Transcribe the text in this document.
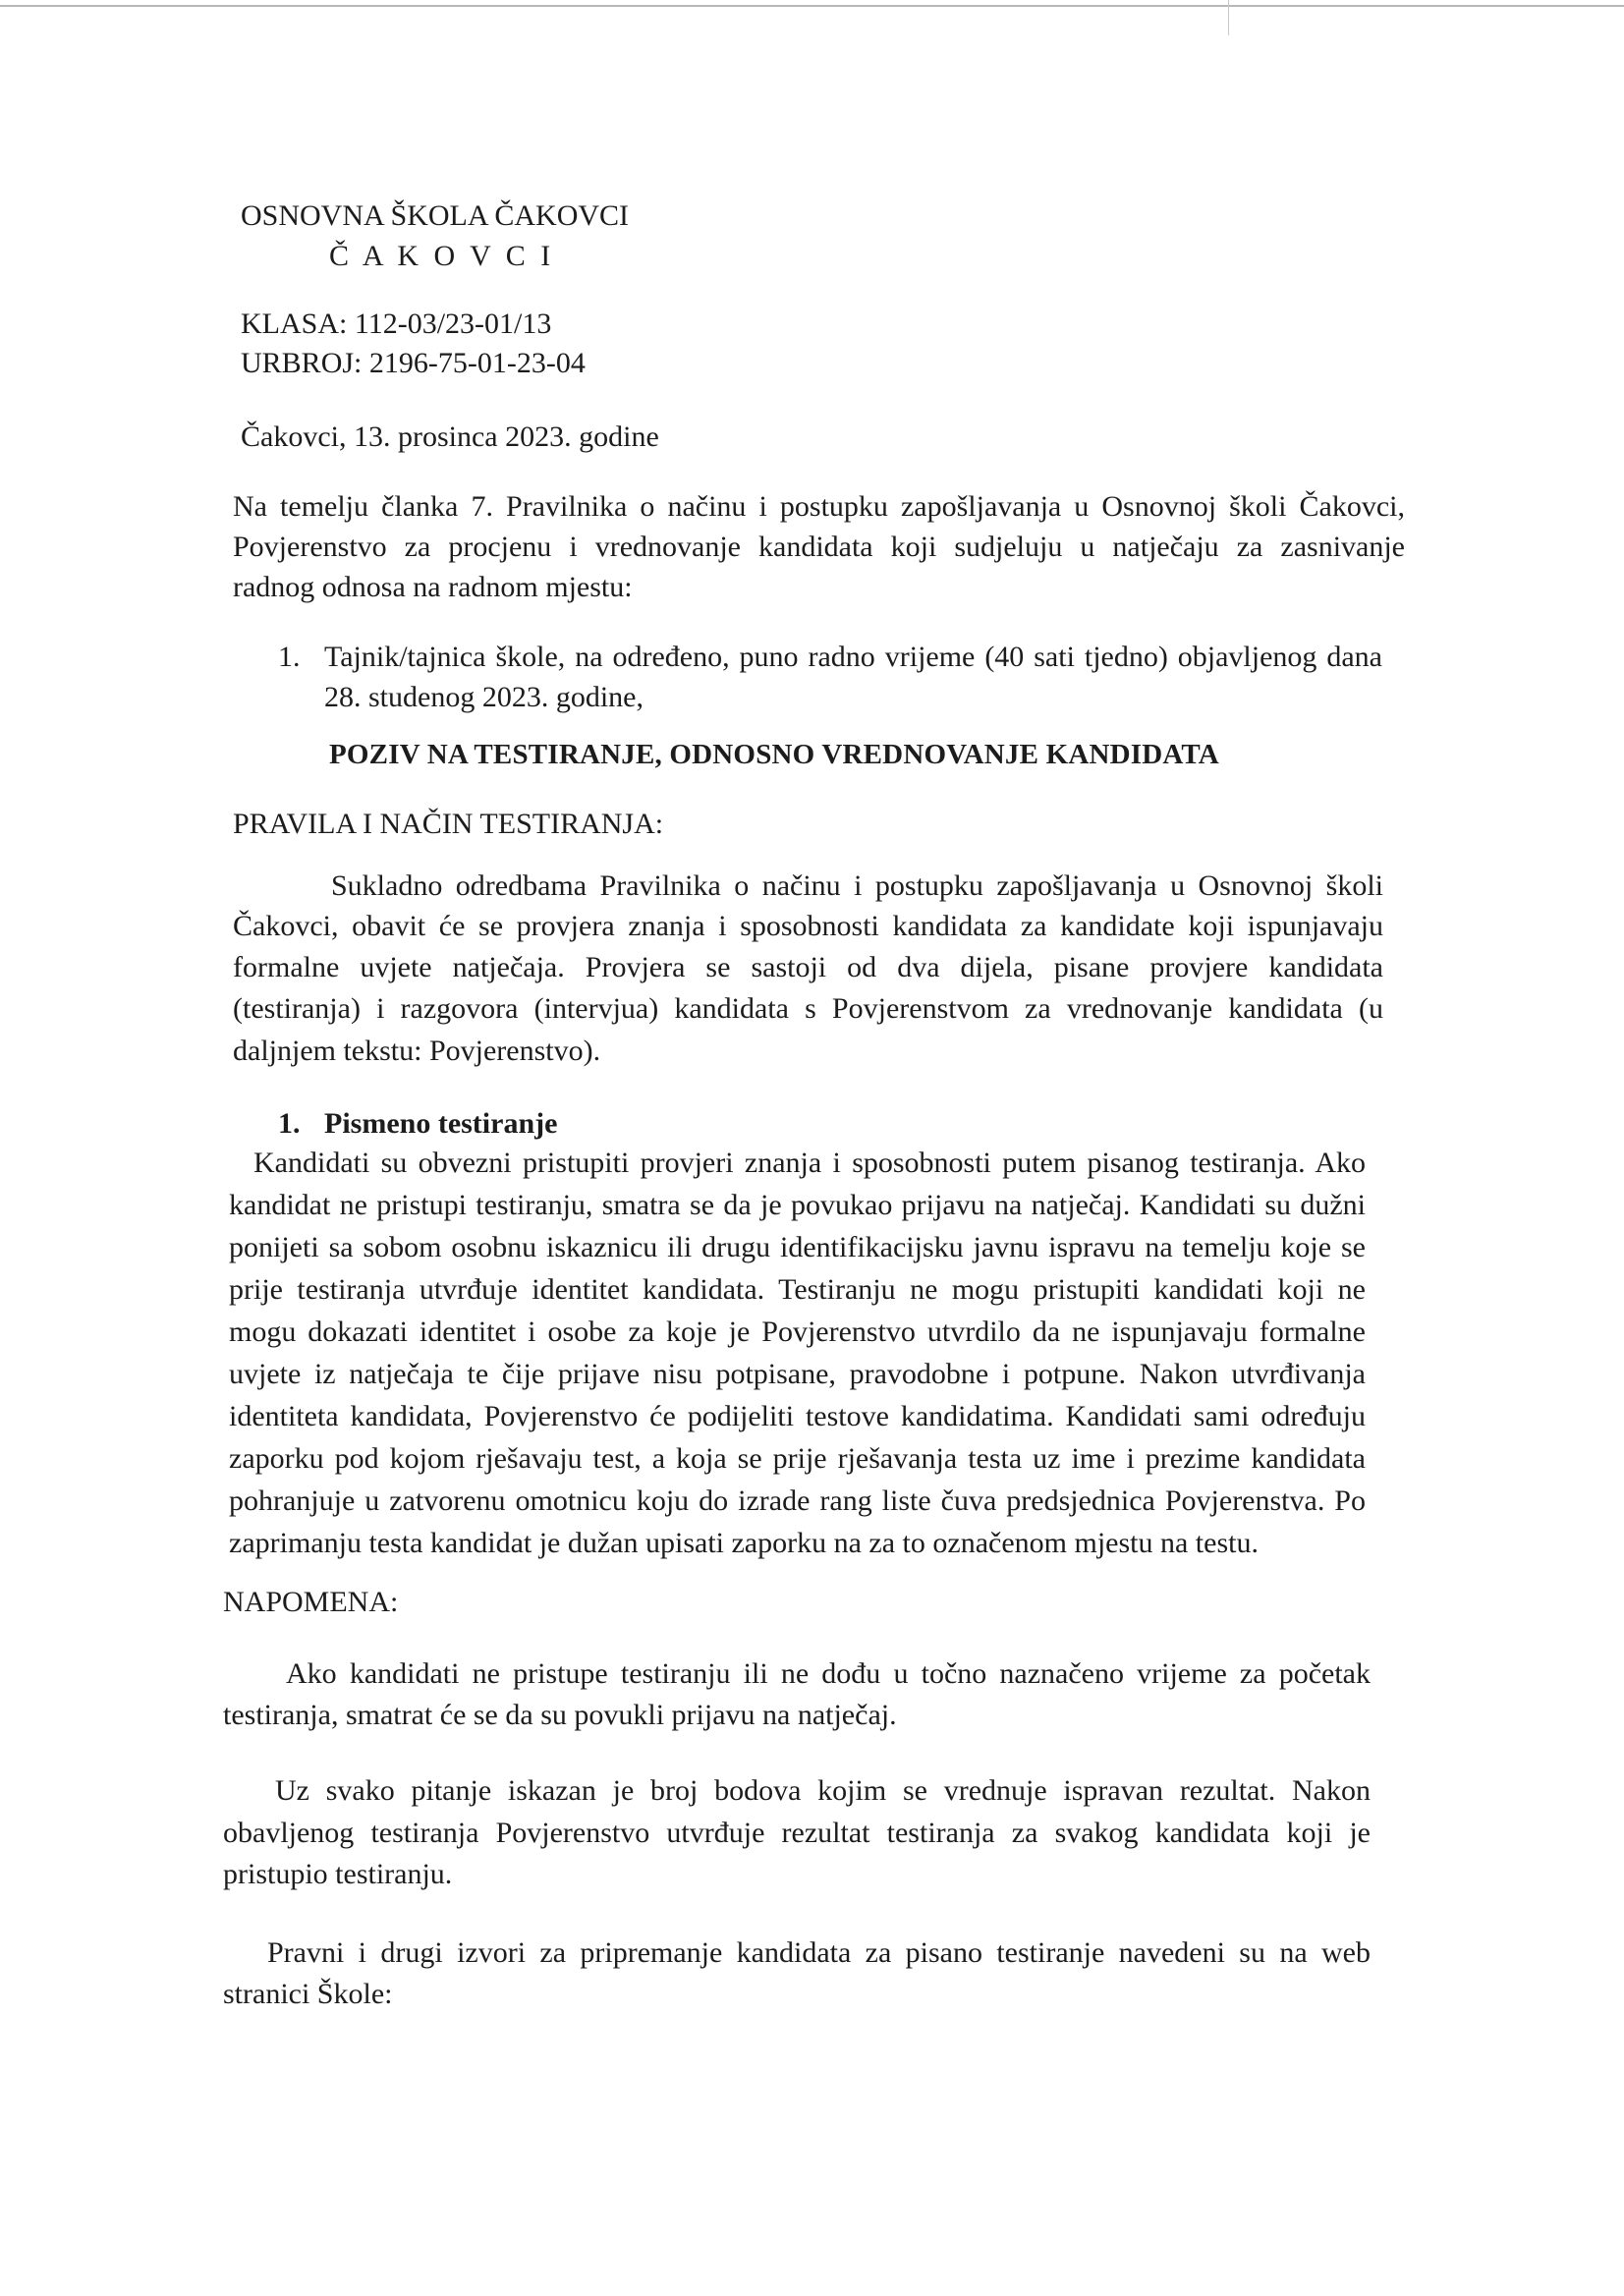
OSNOVNA ŠKOLA ČAKOVCI
Č A K O V C I
KLASA: 112-03/23-01/13
URBROJ: 2196-75-01-23-04
Čakovci, 13. prosinca 2023. godine
Na temelju članka 7. Pravilnika o načinu i postupku zapošljavanja u Osnovnoj školi Čakovci,
Povjerenstvo za procjenu i vrednovanje kandidata koji sudjeluju u natječaju za zasnivanje
radnog odnosa na radnom mjestu:
1. Tajnik/tajnica škole, na određeno, puno radno vrijeme (40 sati tjedno) objavljenog dana
28. studenog 2023. godine,
POZIV NA TESTIRANJE, ODNOSNO VREDNOVANJE KANDIDATA
PRAVILA I NAČIN TESTIRANJA:
Sukladno odredbama Pravilnika o načinu i postupku zapošljavanja u Osnovnoj školi
Čakovci, obavit će se provjera znanja i sposobnosti kandidata za kandidate koji ispunjavaju
formalne uvjete natječaja. Provjera se sastoji od dva dijela, pisane provjere kandidata
(testiranja) i razgovora (intervjua) kandidata s Povjerenstvom za vrednovanje kandidata (u
daljnjem tekstu: Povjerenstvo).
1. Pismeno testiranje
Kandidati su obvezni pristupiti provjeri znanja i sposobnosti putem pisanog testiranja. Ako
kandidat ne pristupi testiranju, smatra se da je povukao prijavu na natječaj. Kandidati su dužni
ponijeti sa sobom osobnu iskaznicu ili drugu identifikacijsku javnu ispravu na temelju koje se
prije testiranja utvrđuje identitet kandidata. Testiranju ne mogu pristupiti kandidati koji ne
mogu dokazati identitet i osobe za koje je Povjerenstvo utvrdilo da ne ispunjavaju formalne
uvjete iz natječaja te čije prijave nisu potpisane, pravodobne i potpune. Nakon utvrđivanja
identiteta kandidata, Povjerenstvo će podijeliti testove kandidatima. Kandidati sami određuju
zaporku pod kojom rješavaju test, a koja se prije rješavanja testa uz ime i prezime kandidata
pohranjuje u zatvorenu omotnicu koju do izrade rang liste čuva predsjednica Povjerenstva. Po
zaprimanju testa kandidat je dužan upisati zaporku na za to označenom mjestu na testu.
NAPOMENA:
Ako kandidati ne pristupe testiranju ili ne dođu u točno naznačeno vrijeme za početak
testiranja, smatrat će se da su povukli prijavu na natječaj.
Uz svako pitanje iskazan je broj bodova kojim se vrednuje ispravan rezultat. Nakon
obavljenog testiranja Povjerenstvo utvrđuje rezultat testiranja za svakog kandidata koji je
pristupio testiranju.
Pravni i drugi izvori za pripremanje kandidata za pisano testiranje navedeni su na web
stranici Škole:
